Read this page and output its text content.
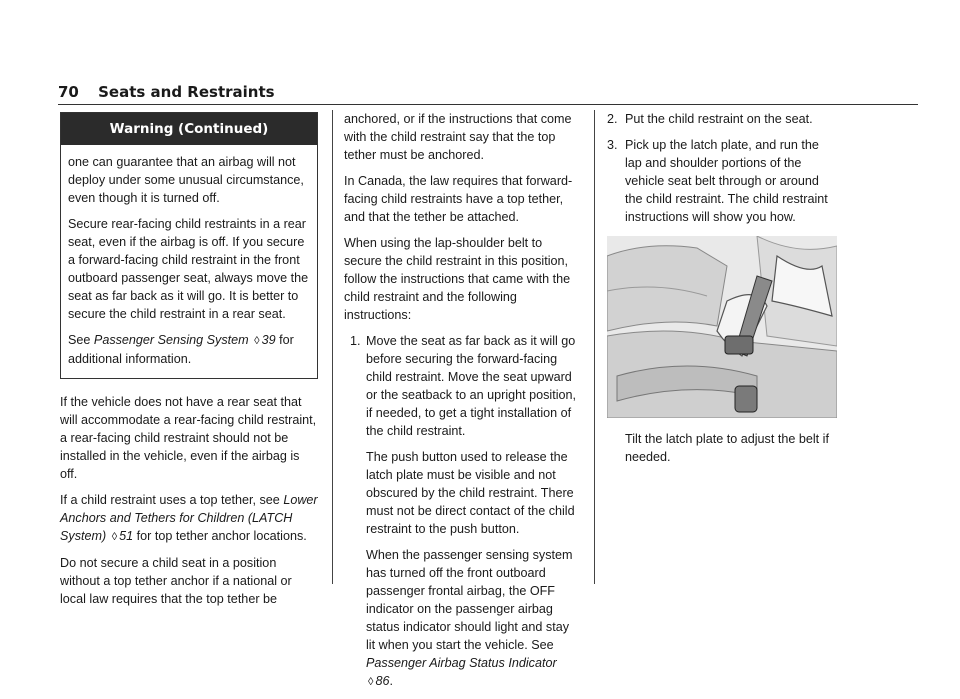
70 Seats and Restraints
Warning (Continued)

one can guarantee that an airbag will not deploy under some unusual circumstance, even though it is turned off.

Secure rear-facing child restraints in a rear seat, even if the airbag is off. If you secure a forward-facing child restraint in the front outboard passenger seat, always move the seat as far back as it will go. It is better to secure the child restraint in a rear seat.

See Passenger Sensing System ◊ 39 for additional information.

If the vehicle does not have a rear seat that will accommodate a rear-facing child restraint, a rear-facing child restraint should not be installed in the vehicle, even if the airbag is off.

If a child restraint uses a top tether, see Lower Anchors and Tethers for Children (LATCH System) ◊ 51 for top tether anchor locations.

Do not secure a child seat in a position without a top tether anchor if a national or local law requires that the top tether be

anchored, or if the instructions that come with the child restraint say that the top tether must be anchored.

In Canada, the law requires that forward-facing child restraints have a top tether, and that the tether be attached.

When using the lap-shoulder belt to secure the child restraint in this position, follow the instructions that came with the child restraint and the following instructions:

1. Move the seat as far back as it will go before securing the forward-facing child restraint. Move the seat upward or the seatback to an upright position, if needed, to get a tight installation of the child restraint.

The push button used to release the latch plate must be visible and not obscured by the child restraint. There must not be direct contact of the child restraint to the push button.

When the passenger sensing system has turned off the front outboard passenger frontal airbag, the OFF indicator on the passenger airbag status indicator should light and stay lit when you start the vehicle. See Passenger Airbag Status Indicator ◊ 86.

2. Put the child restraint on the seat.
3. Pick up the latch plate, and run the lap and shoulder portions of the vehicle seat belt through or around the child restraint. The child restraint instructions will show you how.

Tilt the latch plate to adjust the belt if needed.
